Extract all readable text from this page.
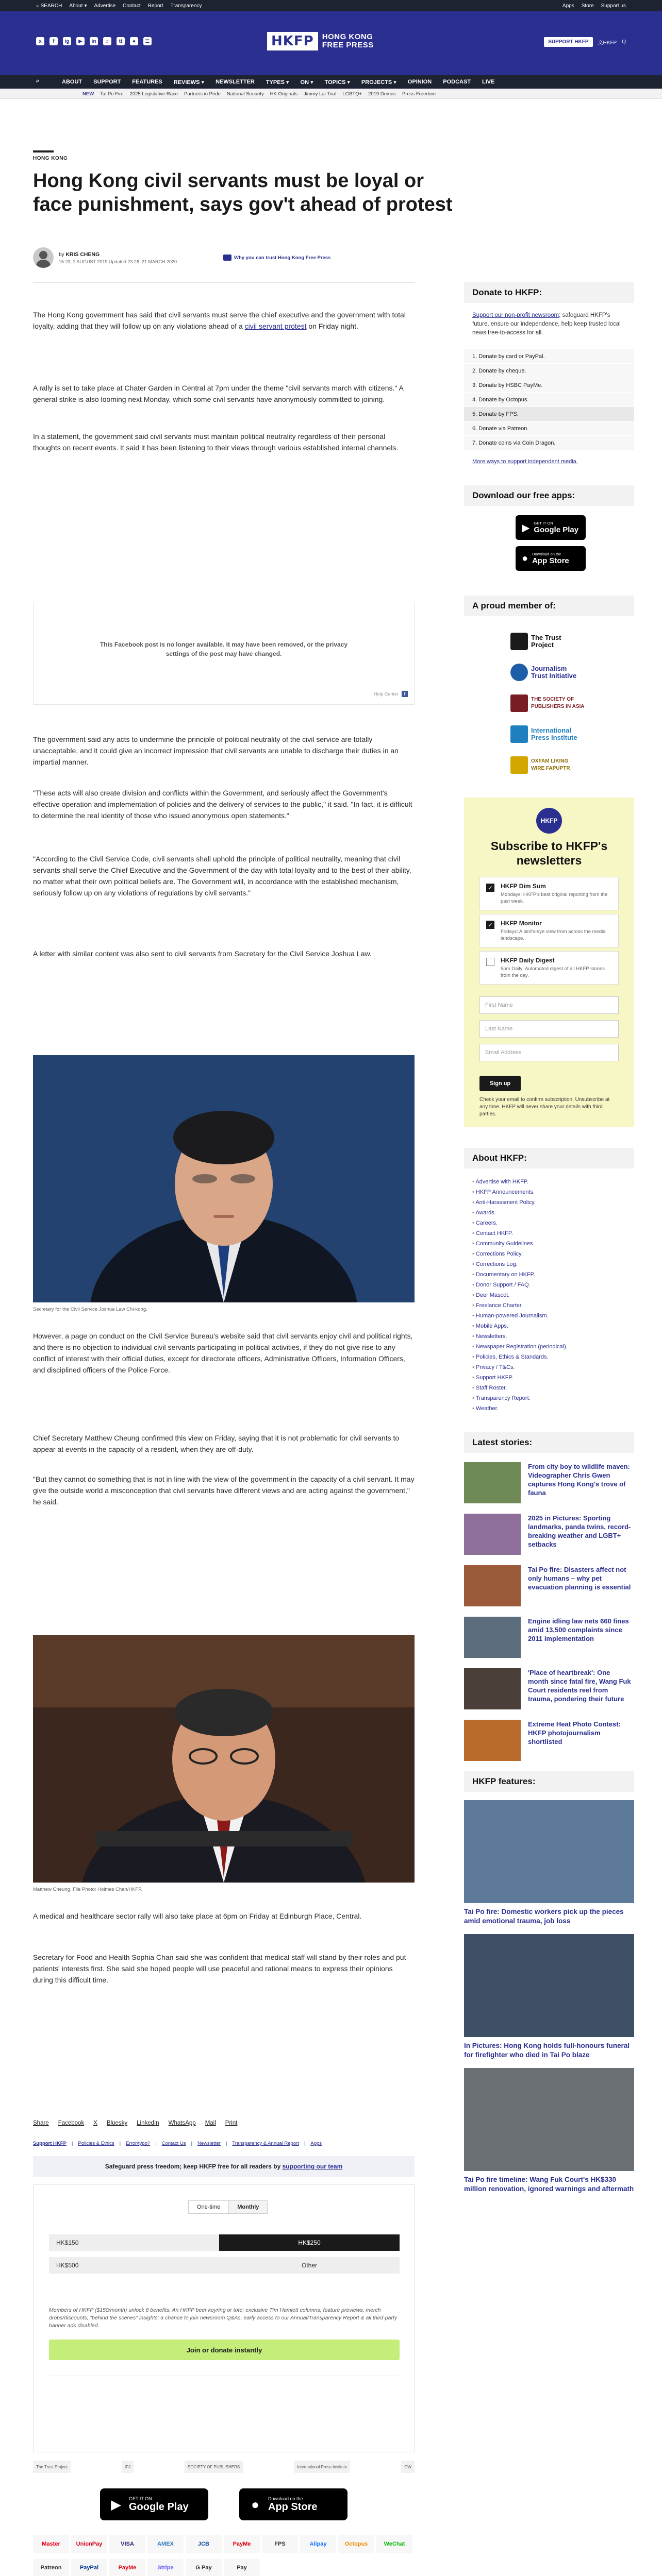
⌕ SEARCH About ▾ Advertise Contact Report Transparency	Apps Store Support us
x	f	ig	▶	in	⌂	tt	●	☰	HKFP	HONG KONG
FREE PRESS	SUPPORT HKFP	文HKFP Q
⌕	ABOUT SUPPORT FEATURES REVIEWS ▾ NEWSLETTER TYPES ▾ ON ▾ TOPICS ▾ PROJECTS ▾ OPINION PODCAST LIVE
NEW Tai Po Fire 2025 Legislative Race Partners in Pride National Security HK Originals Jimmy Lai Trial LGBTQ+ 2019 Demos Press Freedom
HONG KONG
Hong Kong civil servants must be loyal or face punishment, says gov't ahead of protest
by KRIS CHENG
15:23, 2 AUGUST 2019 Updated 23:26, 21 MARCH 2020
Why you can trust Hong Kong Free Press

The Hong Kong government has said that civil servants must serve the chief executive and the government with total loyalty, adding that they will follow up on any violations ahead of a civil servant protest on Friday night.

A rally is set to take place at Chater Garden in Central at 7pm under the theme "civil servants march with citizens." A general strike is also looming next Monday, which some civil servants have anonymously committed to joining.

In a statement, the government said civil servants must maintain political neutrality regardless of their personal thoughts on recent events. It said it has been listening to their views through various established internal channels.

This Facebook post is no longer available. It may have been removed, or the privacy settings of the post may have changed.
Help Center	f

The government said any acts to undermine the principle of political neutrality of the civil service are totally unacceptable, and it could give an incorrect impression that civil servants are unable to discharge their duties in an impartial manner.

"These acts will also create division and conflicts within the Government, and seriously affect the Government's effective operation and implementation of policies and the delivery of services to the public," it said. "In fact, it is difficult to determine the real identity of those who issued anonymous open statements."

"According to the Civil Service Code, civil servants shall uphold the principle of political neutrality, meaning that civil servants shall serve the Chief Executive and the Government of the day with total loyalty and to the best of their ability, no matter what their own political beliefs are. The Government will, in accordance with the established mechanism, seriously follow up on any violations of regulations by civil servants."

A letter with similar content was also sent to civil servants from Secretary for the Civil Service Joshua Law.

Secretary for the Civil Service Joshua Law Chi-kong.

However, a page on conduct on the Civil Service Bureau's website said that civil servants enjoy civil and political rights, and there is no objection to individual civil servants participating in political activities, if they do not give rise to any conflict of interest with their official duties, except for directorate officers, Administrative Officers, Information Officers, and disciplined officers of the Police Force.

Chief Secretary Matthew Cheung confirmed this view on Friday, saying that it is not problematic for civil servants to appear at events in the capacity of a resident, when they are off-duty.

"But they cannot do something that is not in line with the view of the government in the capacity of a civil servant. It may give the outside world a misconception that civil servants have different views and are acting against the government," he said.

Matthew Cheung. File Photo: Holmes Chan/HKFP.

A medical and healthcare sector rally will also take place at 6pm on Friday at Edinburgh Place, Central.

Secretary for Food and Health Sophia Chan said she was confident that medical staff will stand by their roles and put patients' interests first. She said she hoped people will use peaceful and rational means to express their opinions during this difficult time.

Share Facebook X Bluesky LinkedIn WhatsApp Mail Print
Support HKFP | Policies & Ethics | Error/typo? | Contact Us | Newsletter | Transparency & Annual Report | Apps
Safeguard press freedom; keep HKFP free for all readers by supporting our team
One-time	Monthly
HK$150	HK$250
HK$500	Other
Members of HKFP ($150/month) unlock 8 benefits: An HKFP beer keyring or tote; exclusive Tim Hamlett columns; feature previews; merch drops/discounts; "behind the scenes" insights; a chance to join newsroom Q&As, early access to our Annual/Transparency Report & all third-party banner ads disabled.
Join or donate instantly
The Trust Project	IFJ	SOCIETY OF PUBLISHERS	International Press Institute	OW
▶	GET IT ON
Google Play	●	Download on the
App Store
Master	UnionPay	VISA	AMEX	JCB	PayMe	FPS	Alipay	Octopus	WeChat
Patreon	PayPal	PayMe	Stripe	G Pay	Pay
Donate to HKFP:
Support our non-profit newsroom; safeguard HKFP's future, ensure our independence, help keep trusted local news free-to-access for all.
1. Donate by card or PayPal.
2. Donate by cheque.
3. Donate by HSBC PayMe.
4. Donate by Octopus.
5. Donate by FPS.
6. Donate via Patreon.
7. Donate coins via Coin Dragon.
More ways to support independent media.
Download our free apps:
▶ GET IT ON
Google Play
● Download on the
App Store
A proud member of:
The Trust
Project
Journalism
Trust Initiative
THE SOCIETY OF
PUBLISHERS IN ASIA
International
Press Institute
OXFAM LIKING
WIRE FAPUPTR
HKFP
Subscribe to HKFP's newsletters
✓ HKFP Dim Sum
Mondays: HKFP's best original reporting from the past week.
✓ HKFP Monitor
Fridays: A bird's-eye view from across the media landscape.
HKFP Daily Digest
5pm Daily: Automated digest of all HKFP stories from the day.
First Name
Last Name
Email Address
Sign up
Check your email to confirm subscription. Unsubscribe at any time. HKFP will never share your details with third parties.
About HKFP:
• Advertise with HKFP.
• HKFP Announcements.
• Anti-Harassment Policy.
• Awards.
• Careers.
• Contact HKFP.
• Community Guidelines.
• Corrections Policy.
• Corrections Log.
• Documentary on HKFP.
• Donor Support / FAQ.
• Deer Mascot.
• Freelance Charter.
• Human-powered Journalism.
• Mobile Apps.
• Newsletters.
• Newspaper Registration (periodical).
• Policies, Ethics & Standards.
• Privacy / T&Cs.
• Support HKFP.
• Staff Roster.
• Transparency Report.
• Weather.
Latest stories:
From city boy to wildlife maven: Videographer Chris Gwen captures Hong Kong's trove of fauna
2025 in Pictures: Sporting landmarks, panda twins, record-breaking weather and LGBT+ setbacks
Tai Po fire: Disasters affect not only humans – why pet evacuation planning is essential
Engine idling law nets 660 fines amid 13,500 complaints since 2011 implementation
'Place of heartbreak': One month since fatal fire, Wang Fuk Court residents reel from trauma, pondering their future
Extreme Heat Photo Contest: HKFP photojournalism shortlisted
HKFP features:
Tai Po fire: Domestic workers pick up the pieces amid emotional trauma, job loss
In Pictures: Hong Kong holds full-honours funeral for firefighter who died in Tai Po blaze
Tai Po fire timeline: Wang Fuk Court's HK$330 million renovation, ignored warnings and aftermath
